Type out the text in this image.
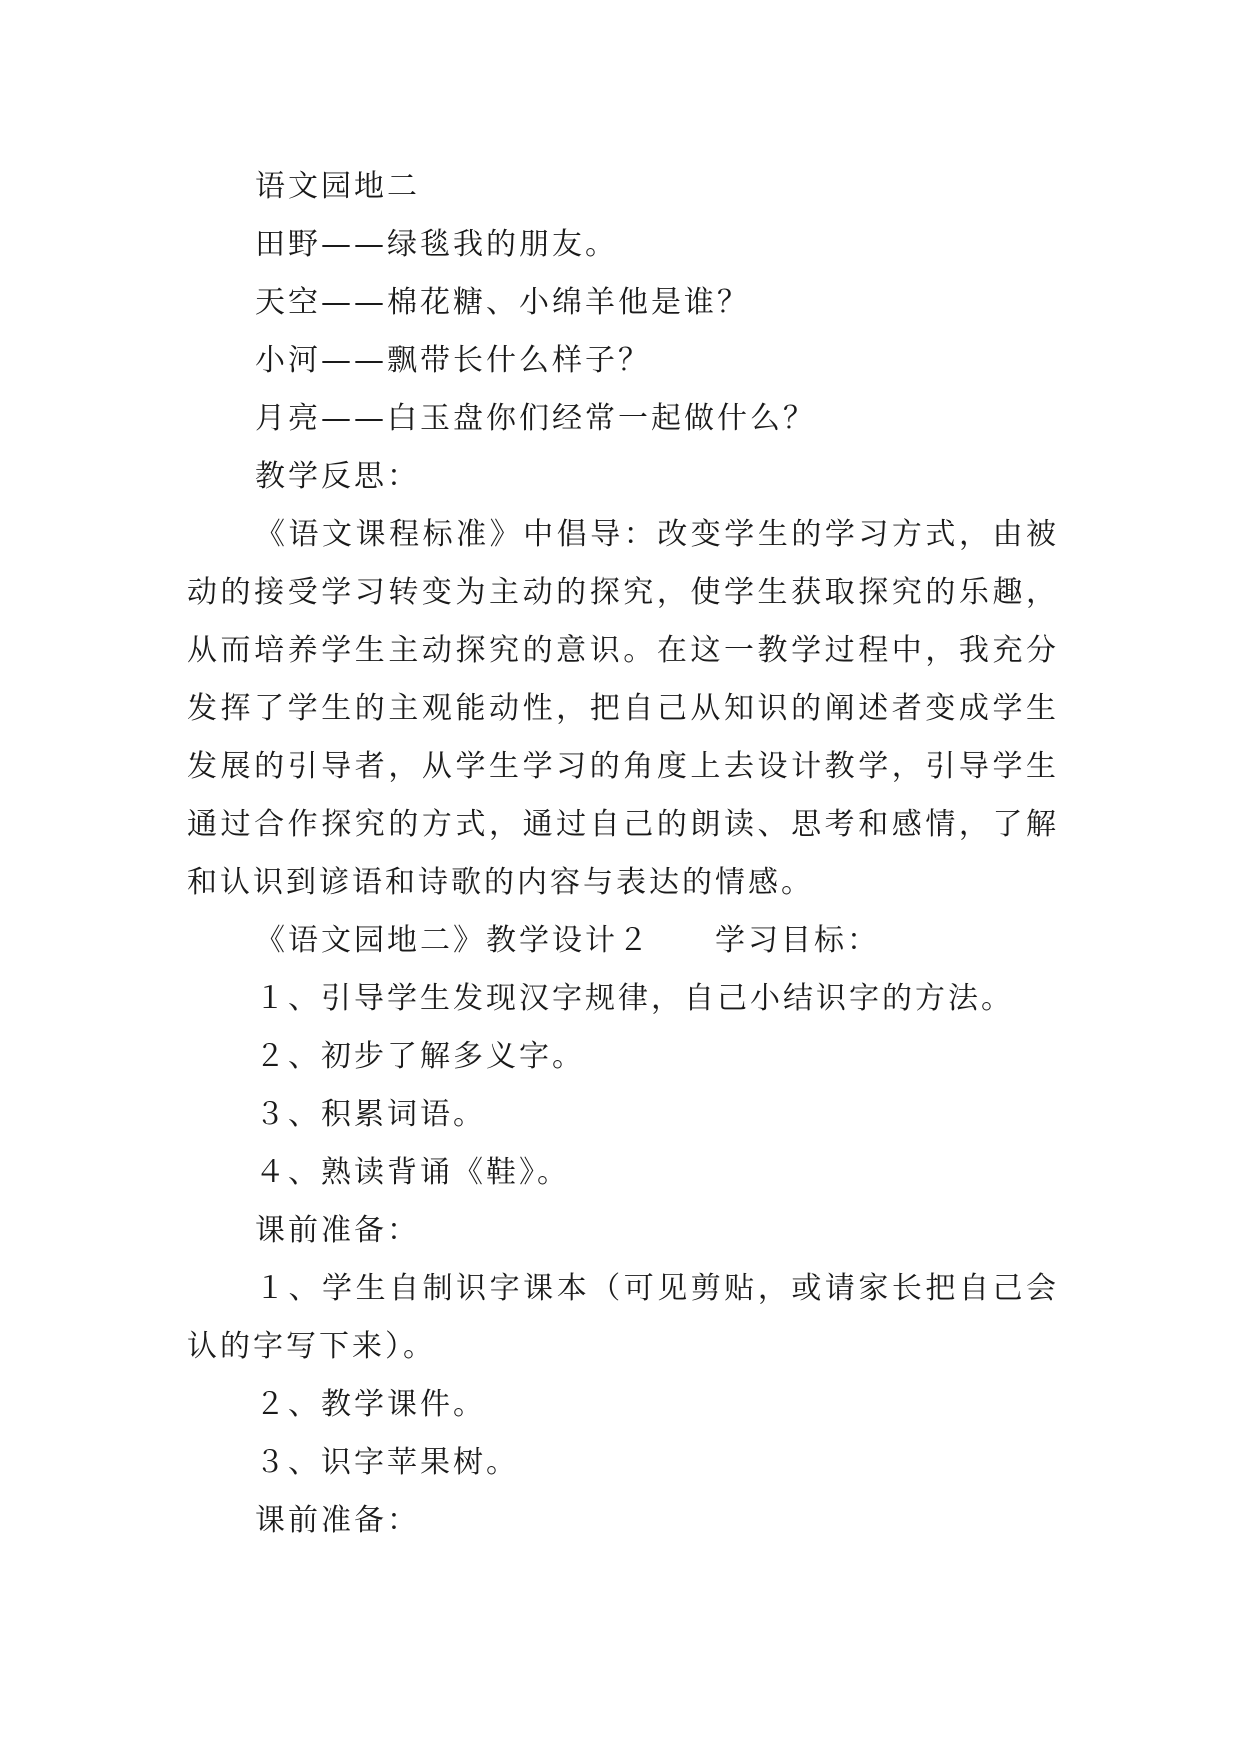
语文园地二

田野——绿毯我的朋友。

天空——棉花糖、小绵羊他是谁？

小河——飘带长什么样子？

月亮——白玉盘你们经常一起做什么？

教学反思：

《语文课程标准》中倡导：改变学生的学习方式，由被

动的接受学习转变为主动的探究，使学生获取探究的乐趣，

从而培养学生主动探究的意识。在这一教学过程中，我充分

发挥了学生的主观能动性，把自己从知识的阐述者变成学生

发展的引导者，从学生学习的角度上去设计教学，引导学生

通过合作探究的方式，通过自己的朗读、思考和感情，了解

和认识到谚语和诗歌的内容与表达的情感。

《语文园地二》教学设计２ 学习目标：

１、引导学生发现汉字规律，自己小结识字的方法。

２、初步了解多义字。

３、积累词语。

４、熟读背诵《鞋》。

课前准备：

１、学生自制识字课本（可见剪贴，或请家长把自己会

认的字写下来）。

２、教学课件。

３、识字苹果树。

课前准备：
